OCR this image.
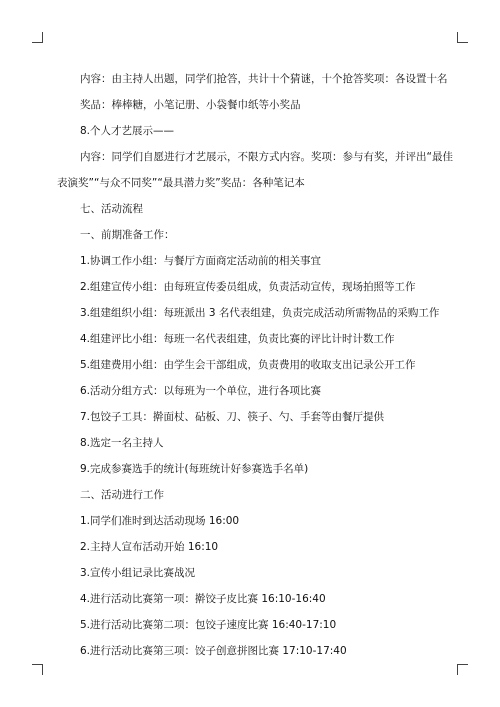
内容：由主持人出题，同学们抢答，共计十个猜谜，十个抢答奖项：各设置十名
奖品：棒棒糖，小笔记册、小袋餐巾纸等小奖品
8.个人才艺展示——
内容：同学们自愿进行才艺展示，不限方式内容。奖项：参与有奖，并评出“最佳
表演奖”“与众不同奖”“最具潜力奖”奖品：各种笔记本
七、活动流程
一、前期准备工作：
1.协调工作小组：与餐厅方面商定活动前的相关事宜
2.组建宣传小组：由每班宣传委员组成，负责活动宣传，现场拍照等工作
3.组建组织小组：每班派出 3 名代表组建，负责完成活动所需物品的采购工作
4.组建评比小组：每班一名代表组建，负责比赛的评比计时计数工作
5.组建费用小组：由学生会干部组成，负责费用的收取支出记录公开工作
6.活动分组方式：以每班为一个单位，进行各项比赛
7.包饺子工具：擀面杖、砧板、刀、筷子、勺、手套等由餐厅提供
8.选定一名主持人
9.完成参赛选手的统计(每班统计好参赛选手名单)
二、活动进行工作
1.同学们准时到达活动现场 16:00
2.主持人宣布活动开始 16:10
3.宣传小组记录比赛战况
4.进行活动比赛第一项：擀饺子皮比赛 16:10-16:40
5.进行活动比赛第二项：包饺子速度比赛 16:40-17:10
6.进行活动比赛第三项：饺子创意拼图比赛 17:10-17:40
